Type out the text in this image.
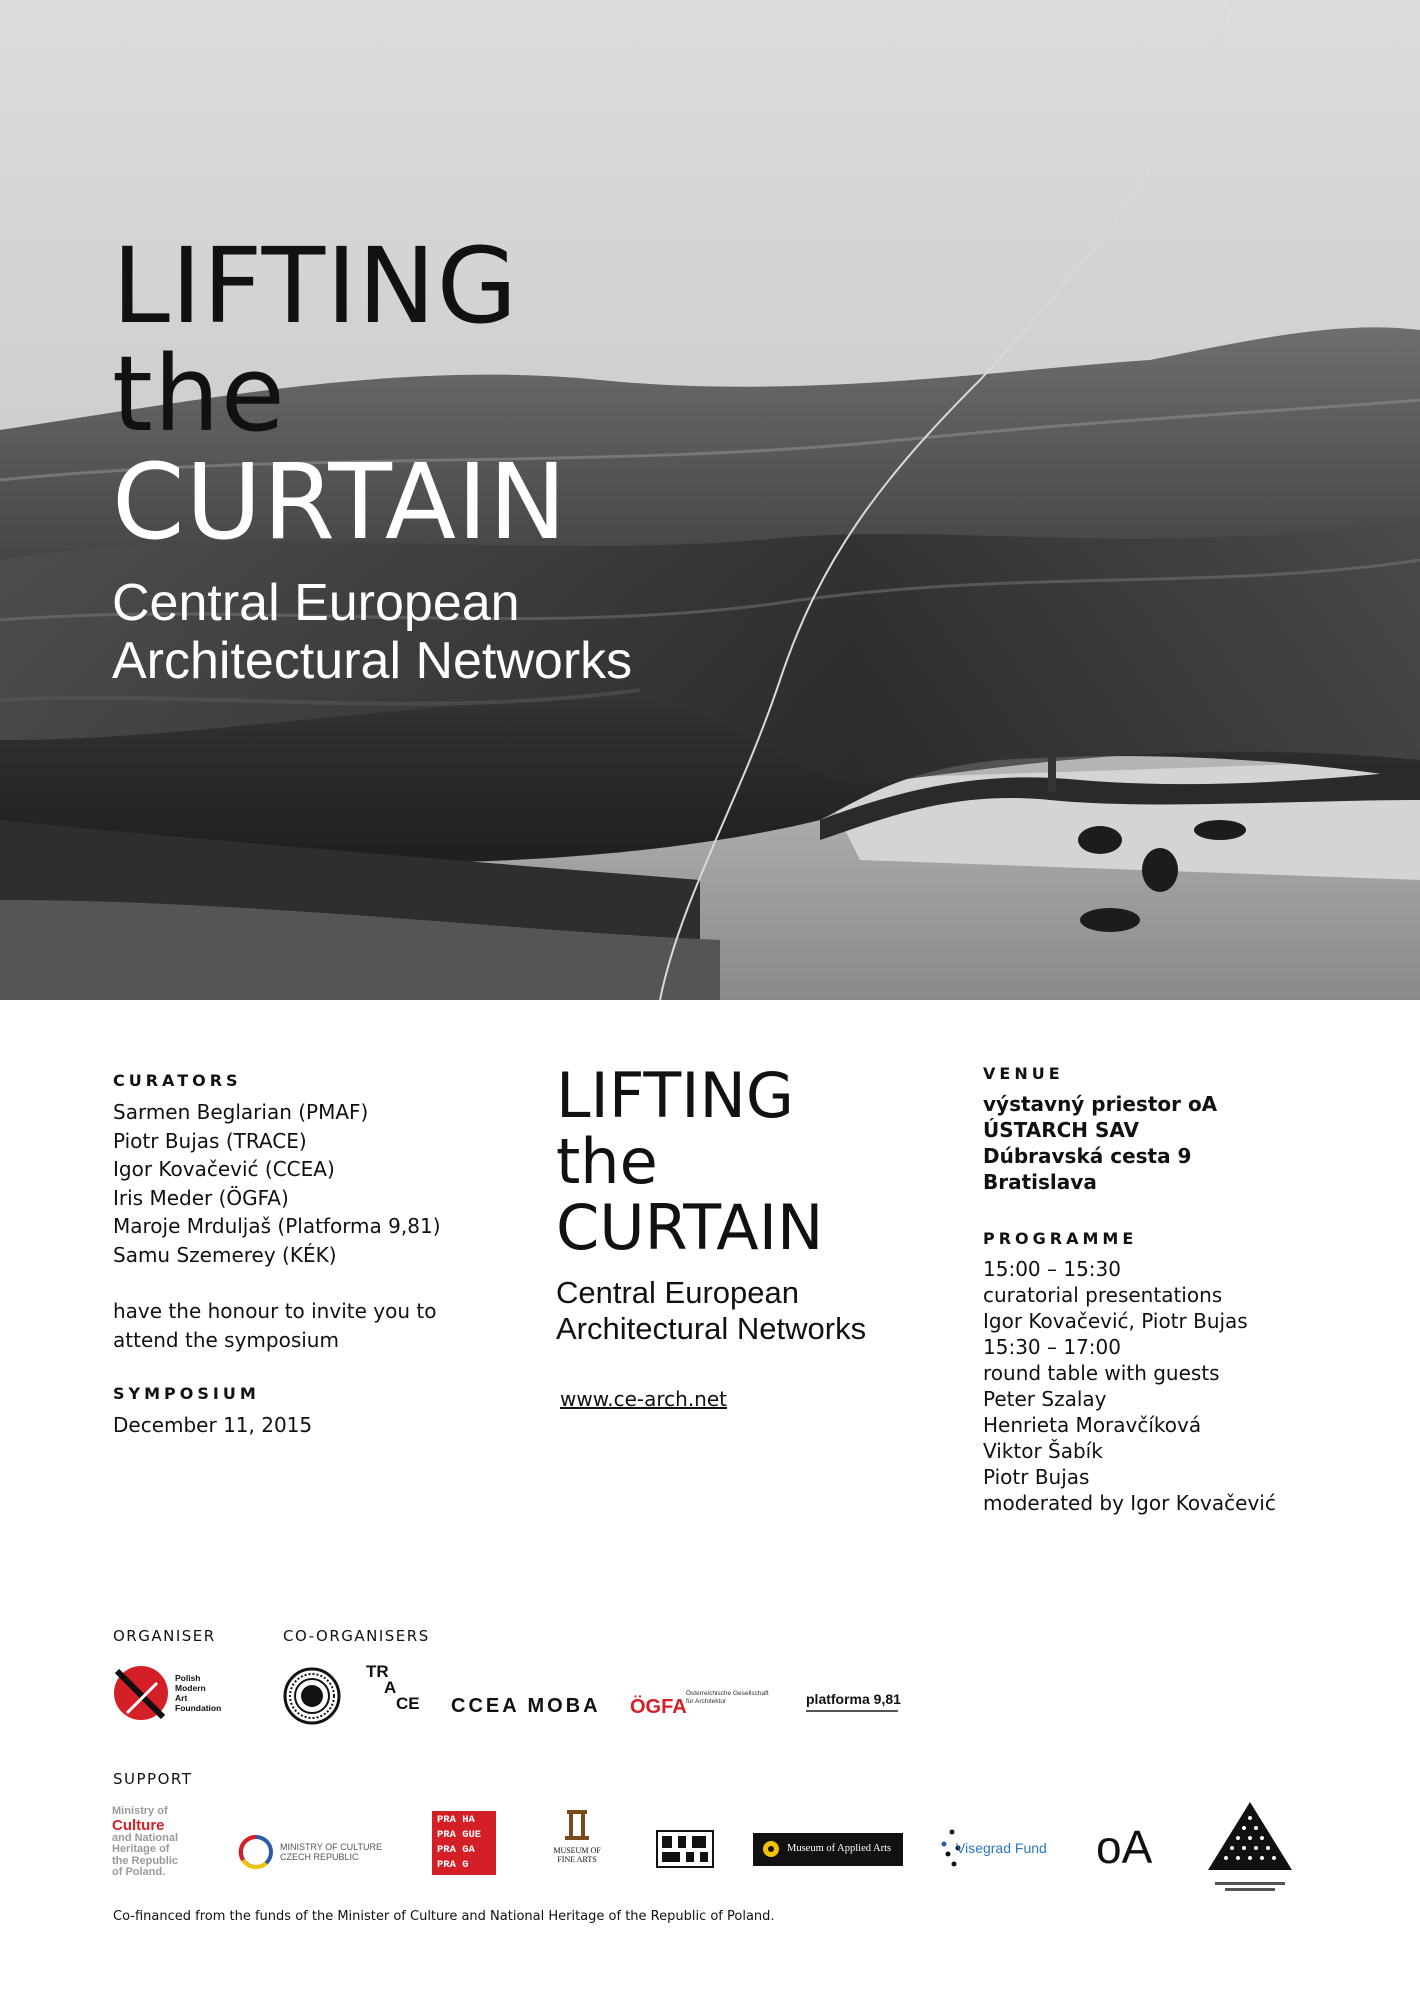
LIFTING

the

CURTAIN

Central European

Architectural Networks

CURATORS

Sarmen Beglarian (PMAF)

Piotr Bujas (TRACE)

Igor Kovačević (CCEA)

Iris Meder (ÖGFA)

Maroje Mrduljaš (Platforma 9,81)

Samu Szemerey (KÉK)

have the honour to invite you to

attend the symposium

SYMPOSIUM

December 11, 2015

LIFTING

the

CURTAIN

Central European

Architectural Networks

www.ce-arch.net

VENUE

výstavný priestor oA

ÚSTARCH SAV

Dúbravská cesta 9

Bratislava

PROGRAMME

15:00 – 15:30

curatorial presentations

Igor Kovačević, Piotr Bujas

15:30 – 17:00

round table with guests

Peter Szalay

Henrieta Moravčíková

Viktor Šabík

Piotr Bujas

moderated by Igor Kovačević

ORGANISER	CO-ORGANISERS
Polish
Modern
Art
Foundation
TR
A
CE CCEA MOBA ÖGFA
Österreichische Gesellschaft
für Architektur	platforma 9,81
SUPPORT
Ministry of
Culture
and National
Heritage of
the Republic
of Poland.
MINISTRY OF CULTURE
CZECH REPUBLIC
PRA HA
PRA GUE
PRA GA
PRA G
MUSEUM OF
FINE ARTS
Museum of Applied Arts	Visegrad Fund oA
Co-financed from the funds of the Minister of Culture and National Heritage of the Republic of Poland.
